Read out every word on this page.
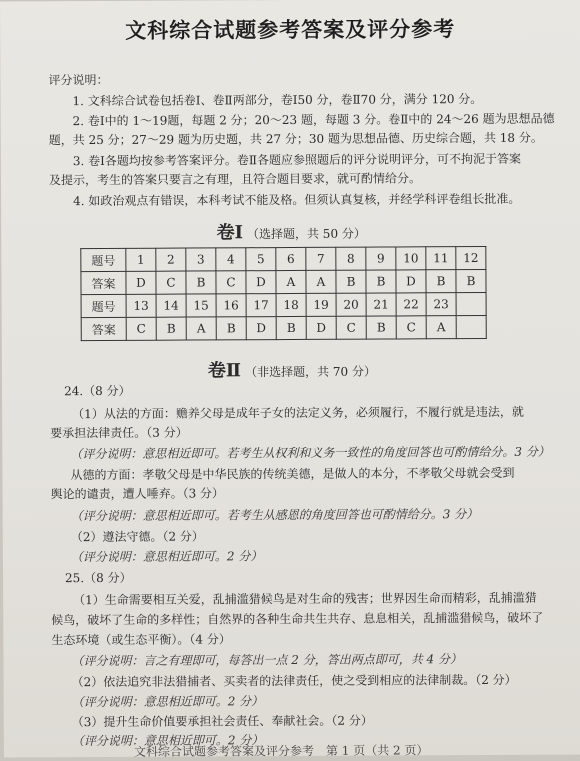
文科综合试题参考答案及评分参考
评分说明：
1. 文科综合试卷包括卷Ⅰ、卷Ⅱ两部分，卷Ⅰ50 分，卷Ⅱ70 分，满分 120 分。
2. 卷Ⅰ中的 1～19题，每题 2 分；20～23 题，每题 3 分。卷Ⅱ中的 24～26 题为思想品德
题，共 25 分；27～29 题为历史题，共 27 分；30 题为思想品德、历史综合题，共 18 分。
3. 卷Ⅰ各题均按参考答案评分。卷Ⅱ各题应参照题后的评分说明评分，可不拘泥于答案
及提示，考生的答案只要言之有理，且符合题目要求，就可酌情给分。
4. 如政治观点有错误，本科考试不能及格。但须认真复核，并经学科评卷组长批准。
卷Ⅰ （选择题，共 50 分）
题号	1	2	3	4	5	6	7	8	9	10	11	12
答案	D	C	B	C	D	A	A	B	B	D	B	B
题号	13	14	15	16	17	18	19	20	21	22	23	
答案	C	B	A	B	D	B	D	C	B	C	A	
卷Ⅱ （非选择题，共 70 分）
24.（8 分）
（1）从法的方面：赡养父母是成年子女的法定义务，必须履行，不履行就是违法，就
要承担法律责任。（3 分）
（评分说明：意思相近即可。若考生从权利和义务一致性的角度回答也可酌情给分。3 分）
从德的方面：孝敬父母是中华民族的传统美德，是做人的本分，不孝敬父母就会受到
舆论的谴责，遭人唾弃。（3 分）
（评分说明：意思相近即可。若考生从感恩的角度回答也可酌情给分。3 分）
（2）遵法守德。（2 分）
（评分说明：意思相近即可。2 分）
25.（8 分）
（1）生命需要相互关爱，乱捕滥猎候鸟是对生命的残害；世界因生命而精彩，乱捕滥猎
候鸟，破坏了生命的多样性；自然界的各种生命共生共存、息息相关，乱捕滥猎候鸟，破坏了
生态环境（或生态平衡）。（4 分）
（评分说明：言之有理即可，每答出一点 2 分，答出两点即可，共 4 分）
（2）依法追究非法猎捕者、买卖者的法律责任，使之受到相应的法律制裁。（2 分）
（评分说明：意思相近即可。2 分）
（3）提升生命价值要承担社会责任、奉献社会。（2 分）
（评分说明：意思相近即可。2 分）
文科综合试题参考答案及评分参考　第 1 页（共 2 页）
